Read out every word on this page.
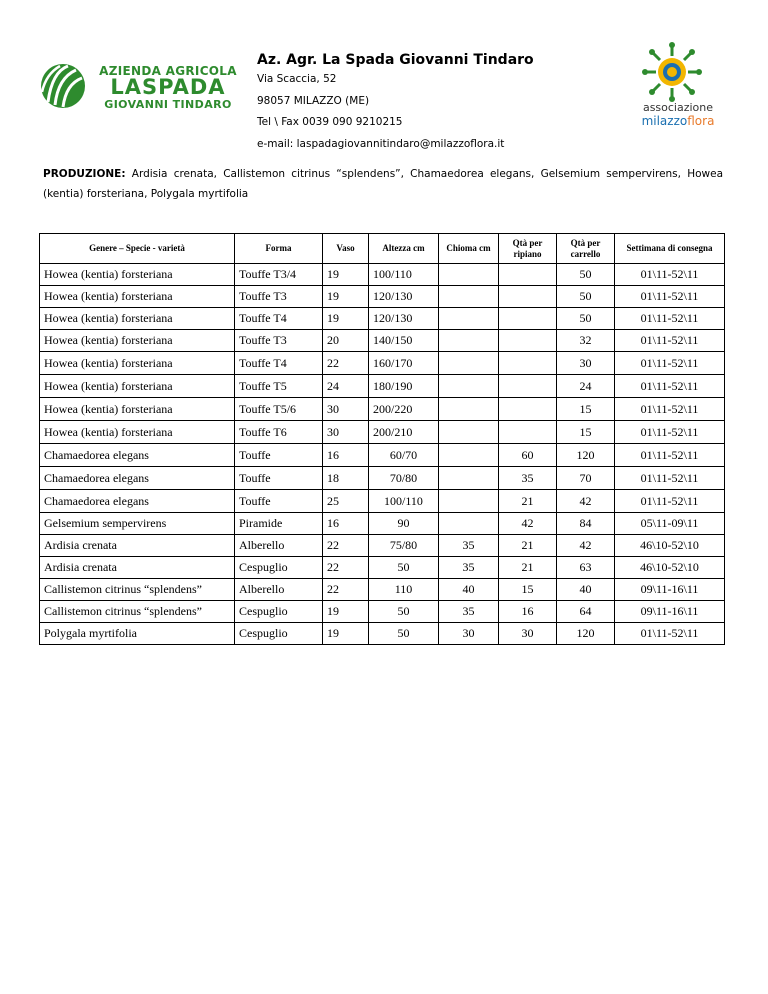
AZIENDA AGRICOLA
LASPADA
GIOVANNI TINDARO
Az. Agr. La Spada Giovanni Tindaro
Via Scaccia, 52
98057 MILAZZO (ME)
Tel \ Fax 0039 090 9210215
e-mail: laspadagiovannitindaro@milazzoflora.it
associazione
milazzoflora
PRODUZIONE: Ardisia crenata, Callistemon citrinus “splendens”, Chamaedorea elegans, Gelsemium sempervirens, Howea (kentia) forsteriana, Polygala myrtifolia
Genere – Specie - varietà	Forma	Vaso	Altezza cm	Chioma cm	Qtà per ripiano	Qtà per carrello	Settimana di consegna
Howea (kentia) forsteriana	Touffe T3/4	19	100/110			50	01\11-52\11
Howea (kentia) forsteriana	Touffe T3	19	120/130			50	01\11-52\11
Howea (kentia) forsteriana	Touffe T4	19	120/130			50	01\11-52\11
Howea (kentia) forsteriana	Touffe T3	20	140/150			32	01\11-52\11
Howea (kentia) forsteriana	Touffe T4	22	160/170			30	01\11-52\11
Howea (kentia) forsteriana	Touffe T5	24	180/190			24	01\11-52\11
Howea (kentia) forsteriana	Touffe T5/6	30	200/220			15	01\11-52\11
Howea (kentia) forsteriana	Touffe T6	30	200/210			15	01\11-52\11
Chamaedorea elegans	Touffe	16	60/70		60	120	01\11-52\11
Chamaedorea elegans	Touffe	18	70/80		35	70	01\11-52\11
Chamaedorea elegans	Touffe	25	100/110		21	42	01\11-52\11
Gelsemium sempervirens	Piramide	16	90		42	84	05\11-09\11
Ardisia crenata	Alberello	22	75/80	35	21	42	46\10-52\10
Ardisia crenata	Cespuglio	22	50	35	21	63	46\10-52\10
Callistemon citrinus “splendens”	Alberello	22	110	40	15	40	09\11-16\11
Callistemon citrinus “splendens”	Cespuglio	19	50	35	16	64	09\11-16\11
Polygala myrtifolia	Cespuglio	19	50	30	30	120	01\11-52\11
